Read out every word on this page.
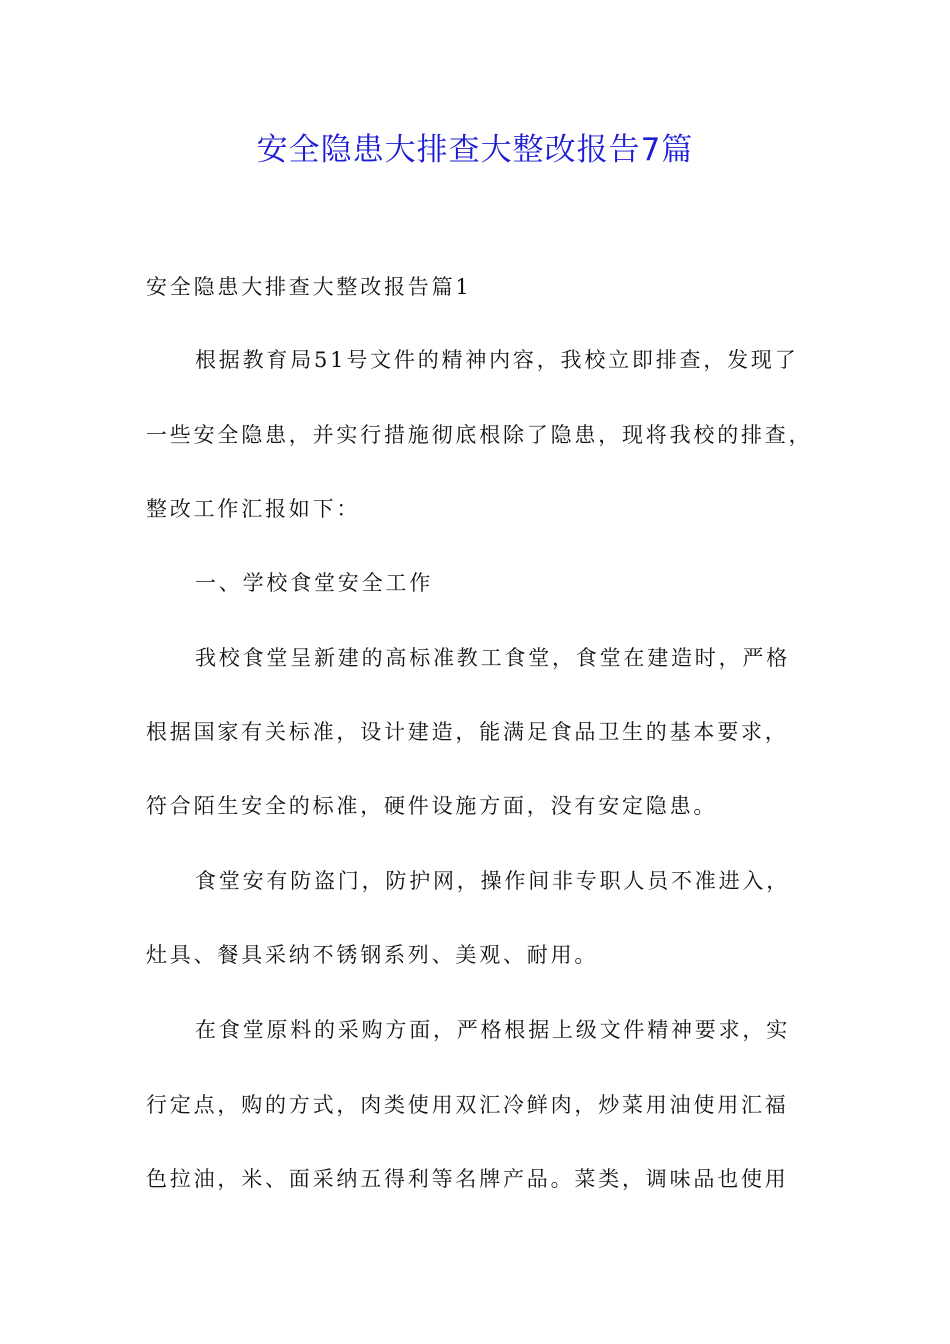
安全隐患大排查大整改报告7篇
安全隐患大排查大整改报告篇1
根据教育局51号文件的精神内容，我校立即排查，发现了
一些安全隐患，并实行措施彻底根除了隐患，现将我校的排查，
整改工作汇报如下：
一、学校食堂安全工作
我校食堂呈新建的高标准教工食堂，食堂在建造时，严格
根据国家有关标准，设计建造，能满足食品卫生的基本要求，
符合陌生安全的标准，硬件设施方面，没有安定隐患。
食堂安有防盗门，防护网，操作间非专职人员不准进入，
灶具、餐具采纳不锈钢系列、美观、耐用。
在食堂原料的采购方面，严格根据上级文件精神要求，实
行定点，购的方式，肉类使用双汇冷鲜肉，炒菜用油使用汇福
色拉油，米、面采纳五得利等名牌产品。菜类，调味品也使用
